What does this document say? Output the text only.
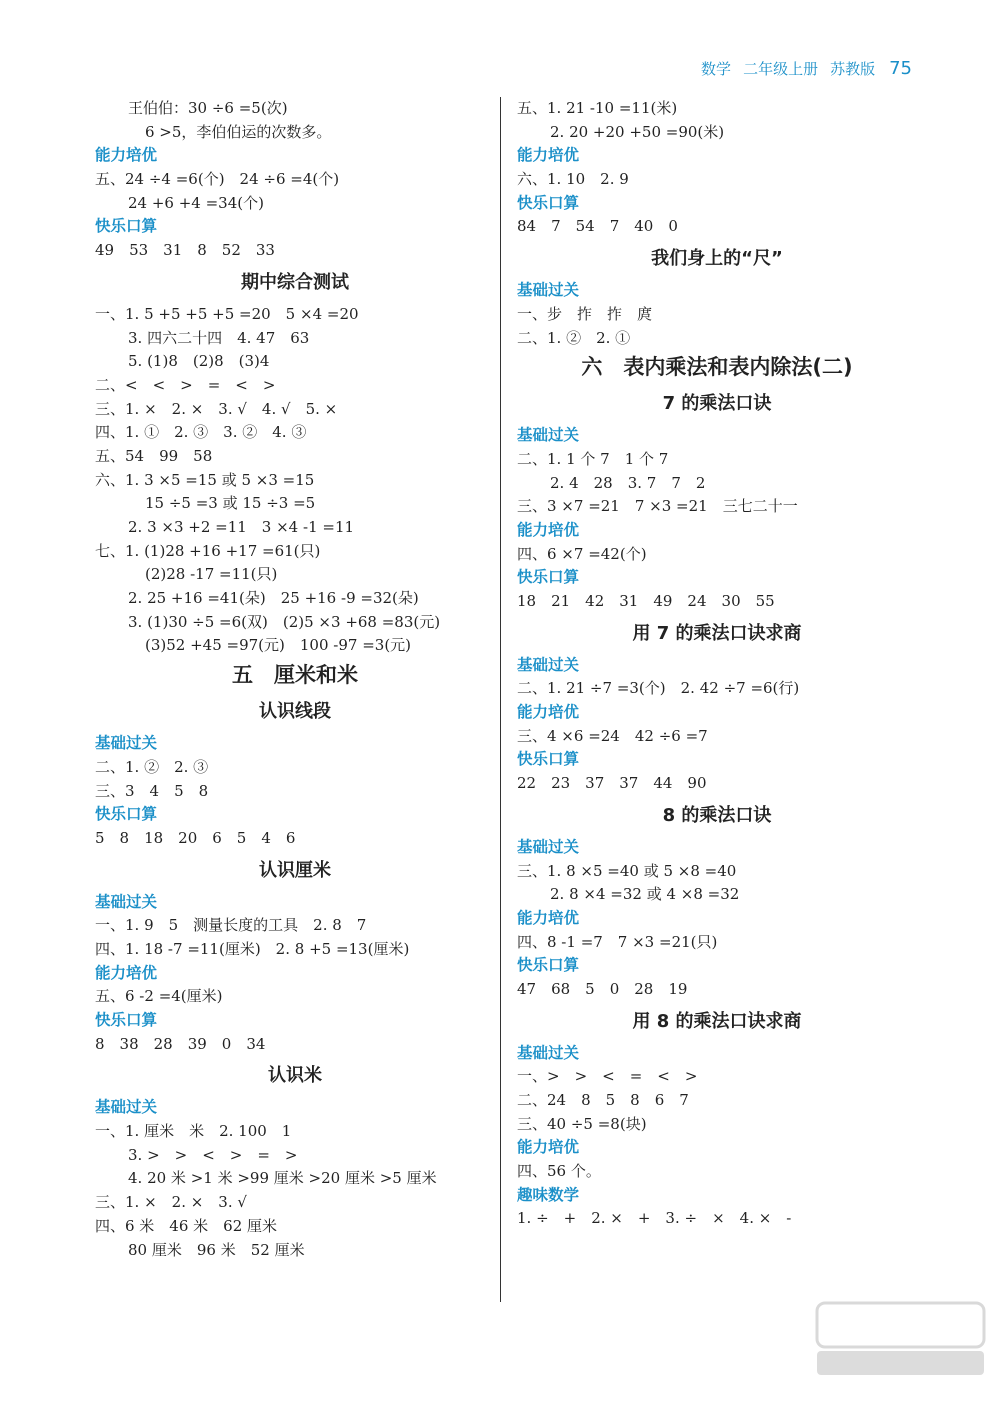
数学 二年级上册 苏教版 75
王伯伯：30 ÷6 =5(次)
6 >5，李伯伯运的次数多。
能力培优
五、24 ÷4 =6(个)　24 ÷6 =4(个)
24 +6 +4 =34(个)
快乐口算
49　53　31　8　52　33
期中综合测试
一、1. 5 +5 +5 +5 =20　5 ×4 =20
3. 四六二十四　4. 47　63
5. (1)8　(2)8　(3)4
二、<　<　>　=　<　>
三、1. ×　2. ×　3. √　4. √　5. ×
四、1. ①　2. ③　3. ②　4. ③
五、54　99　58
六、1. 3 ×5 =15 或 5 ×3 =15
15 ÷5 =3 或 15 ÷3 =5
2. 3 ×3 +2 =11　3 ×4 -1 =11
七、1. (1)28 +16 +17 =61(只)
(2)28 -17 =11(只)
2. 25 +16 =41(朵)　25 +16 -9 =32(朵)
3. (1)30 ÷5 =6(双)　(2)5 ×3 +68 =83(元)
(3)52 +45 =97(元)　100 -97 =3(元)
五　厘米和米
认识线段
基础过关
二、1. ②　2. ③
三、3　4　5　8
快乐口算
5　8　18　20　6　5　4　6
认识厘米
基础过关
一、1. 9　5　测量长度的工具　2. 8　7
四、1. 18 -7 =11(厘米)　2. 8 +5 =13(厘米)
能力培优
五、6 -2 =4(厘米)
快乐口算
8　38　28　39　0　34
认识米
基础过关
一、1. 厘米　米　2. 100　1
3. >　>　<　>　=　>
4. 20 米 >1 米 >99 厘米 >20 厘米 >5 厘米
三、1. ×　2. ×　3. √
四、6 米　46 米　62 厘米
80 厘米　96 米　52 厘米
五、1. 21 -10 =11(米)
2. 20 +20 +50 =90(米)
能力培优
六、1. 10　2. 9
快乐口算
84　7　54　7　40　0
我们身上的“尺”
基础过关
一、步　拃　拃　庹
二、1. ②　2. ①
六　表内乘法和表内除法(二)
7 的乘法口诀
基础过关
二、1. 1 个 7　1 个 7
2. 4　28　3. 7　7　2
三、3 ×7 =21　7 ×3 =21　三七二十一
能力培优
四、6 ×7 =42(个)
快乐口算
18　21　42　31　49　24　30　55
用 7 的乘法口诀求商
基础过关
二、1. 21 ÷7 =3(个)　2. 42 ÷7 =6(行)
能力培优
三、4 ×6 =24　42 ÷6 =7
快乐口算
22　23　37　37　44　90
8 的乘法口诀
基础过关
三、1. 8 ×5 =40 或 5 ×8 =40
2. 8 ×4 =32 或 4 ×8 =32
能力培优
四、8 -1 =7　7 ×3 =21(只)
快乐口算
47　68　5　0　28　19
用 8 的乘法口诀求商
基础过关
一、>　>　<　=　<　>
二、24　8　5　8　6　7
三、40 ÷5 =8(块)
能力培优
四、56 个。
趣味数学
1. ÷　+　2. ×　+　3. ÷　×　4. ×　-
